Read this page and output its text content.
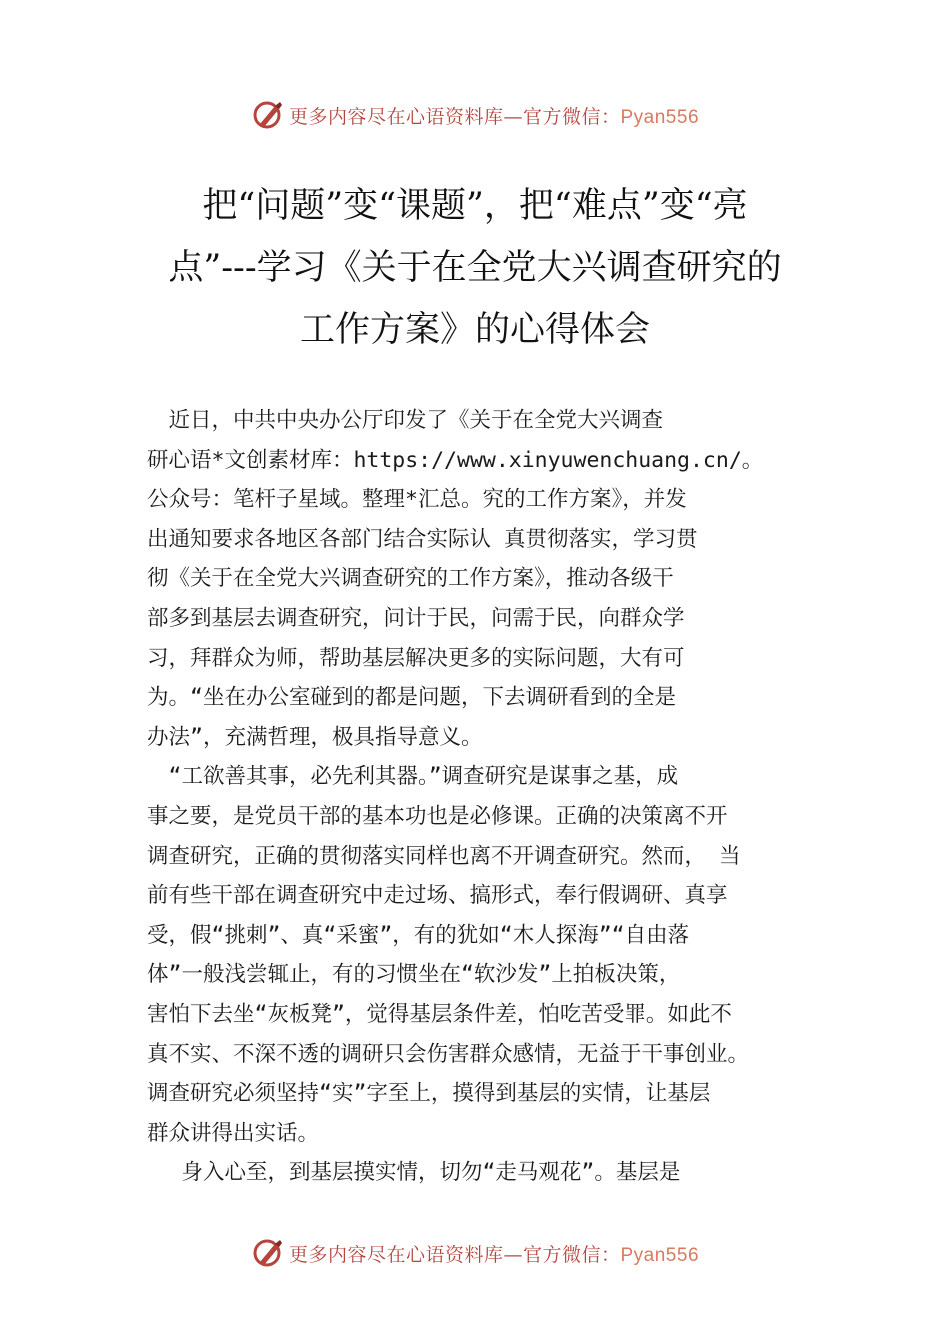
更多内容尽在心语资料库—官方微信：Pyan556
把“问题”变“课题”，把“难点”变“亮
点”---学习《关于在全党大兴调查研究的
工作方案》的心得体会
　近日，中共中央办公厅印发了《关于在全党大兴调查
研心语*文创素材库：https://www.xinyuwenchuang.cn/。
公众号：笔杆子星域。整理*汇总。究的工作方案》，并发
出通知要求各地区各部门结合实际认 真贯彻落实，学习贯
彻《关于在全党大兴调查研究的工作方案》，推动各级干
部多到基层去调查研究，问计于民，问需于民，向群众学
习，拜群众为师，帮助基层解决更多的实际问题，大有可
为。“坐在办公室碰到的都是问题，下去调研看到的全是
办法”，充满哲理，极具指导意义。
　“工欲善其事，必先利其器。”调查研究是谋事之基，成
事之要，是党员干部的基本功也是必修课。正确的决策离不开
调查研究，正确的贯彻落实同样也离不开调查研究。然而， 当
前有些干部在调查研究中走过场、搞形式，奉行假调研、真享
受，假“挑刺”、真“采蜜”，有的犹如“木人探海”“自由落
体”一般浅尝辄止，有的习惯坐在“软沙发”上拍板决策，
害怕下去坐“灰板凳”，觉得基层条件差，怕吃苦受罪。如此不
真不实、不深不透的调研只会伤害群众感情，无益于干事创业。
调查研究必须坚持“实”字至上，摸得到基层的实情，让基层
群众讲得出实话。
　 身入心至，到基层摸实情，切勿“走马观花”。基层是
更多内容尽在心语资料库—官方微信：Pyan556
